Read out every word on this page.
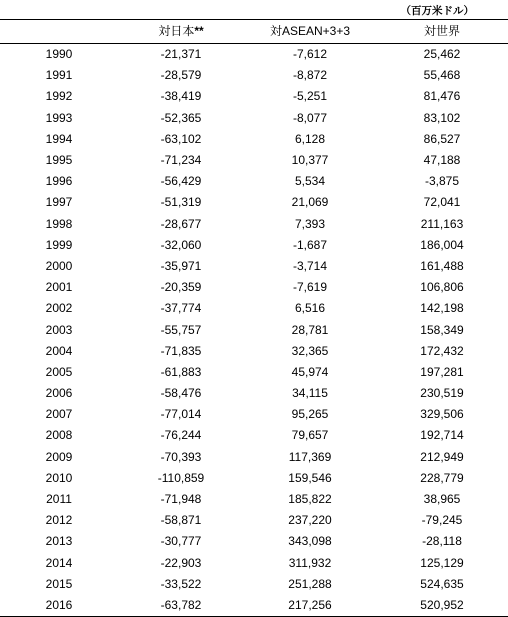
（百万米ドル）
	対日本**	対ASEAN+3+3	対世界
1990	-21,371	-7,612	25,462
1991	-28,579	-8,872	55,468
1992	-38,419	-5,251	81,476
1993	-52,365	-8,077	83,102
1994	-63,102	6,128	86,527
1995	-71,234	10,377	47,188
1996	-56,429	5,534	-3,875
1997	-51,319	21,069	72,041
1998	-28,677	7,393	211,163
1999	-32,060	-1,687	186,004
2000	-35,971	-3,714	161,488
2001	-20,359	-7,619	106,806
2002	-37,774	6,516	142,198
2003	-55,757	28,781	158,349
2004	-71,835	32,365	172,432
2005	-61,883	45,974	197,281
2006	-58,476	34,115	230,519
2007	-77,014	95,265	329,506
2008	-76,244	79,657	192,714
2009	-70,393	117,369	212,949
2010	-110,859	159,546	228,779
2011	-71,948	185,822	38,965
2012	-58,871	237,220	-79,245
2013	-30,777	343,098	-28,118
2014	-22,903	311,932	125,129
2015	-33,522	251,288	524,635
2016	-63,782	217,256	520,952
